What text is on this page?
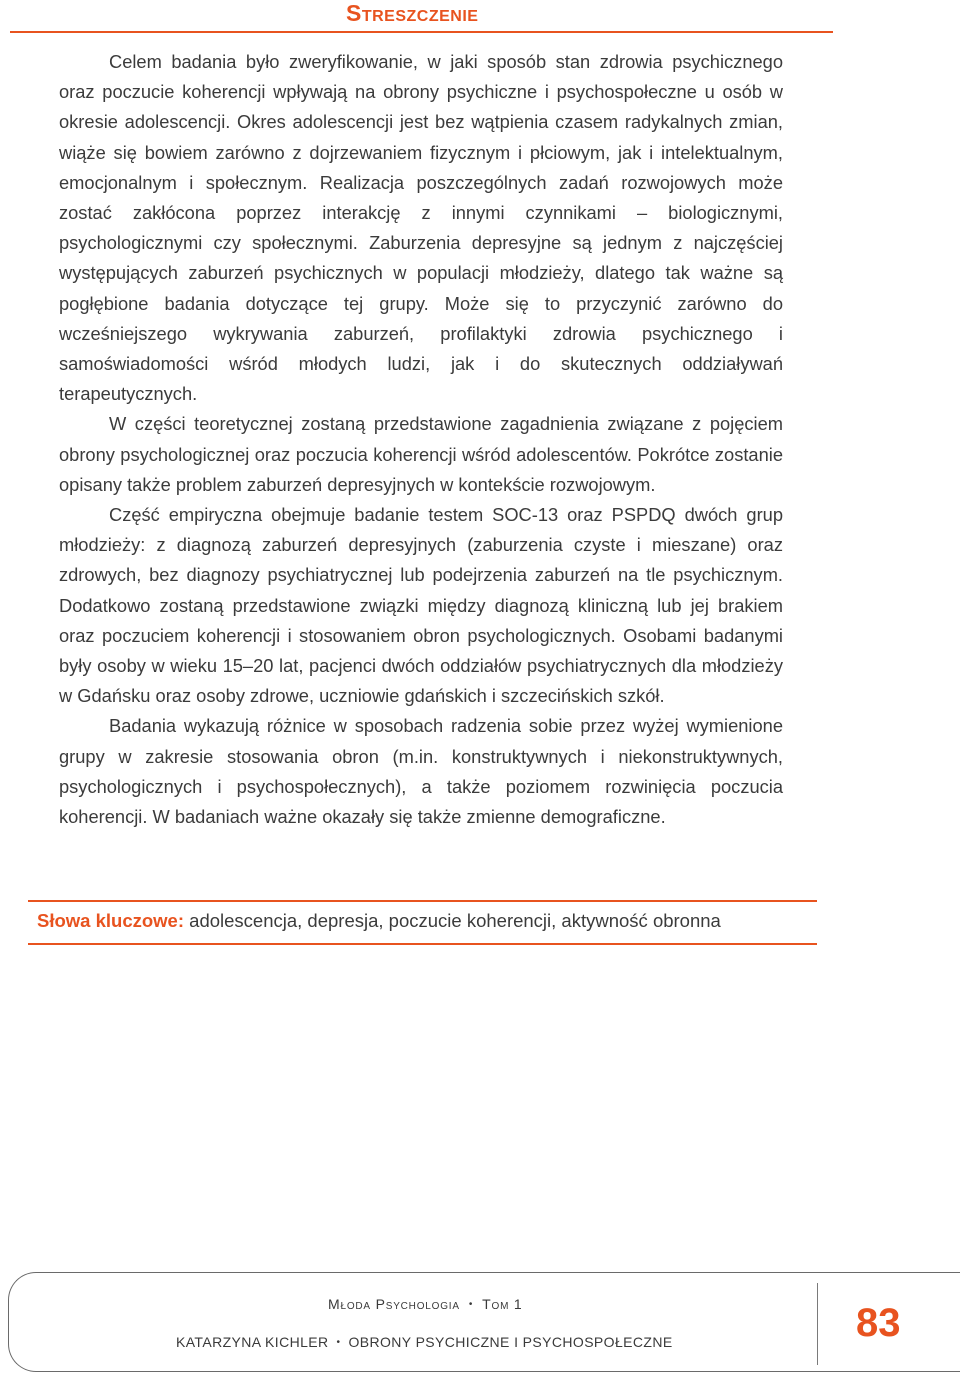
Streszczenie

Celem badania było zweryfikowanie, w jaki sposób stan zdrowia psychicznego oraz poczucie koherencji wpływają na obrony psychiczne i psychospołeczne u osób w okresie adolescencji. Okres adolescencji jest bez wątpienia czasem radykalnych zmian, wiąże się bowiem zarówno z dojrzewaniem fizycznym i płciowym, jak i intelektualnym, emocjonalnym i społecznym. Realizacja poszczególnych zadań rozwojowych może zostać zakłócona poprzez interakcję z innymi czynnikami – biologicznymi, psychologicznymi czy społecznymi. Zaburzenia depresyjne są jednym z najczęściej występujących zaburzeń psychicznych w populacji młodzieży, dlatego tak ważne są pogłębione badania dotyczące tej grupy. Może się to przyczynić zarówno do wcześniejszego wykrywania zaburzeń, profilaktyki zdrowia psychicznego i samoświadomości wśród młodych ludzi, jak i do skutecznych oddziaływań terapeutycznych.

W części teoretycznej zostaną przedstawione zagadnienia związane z pojęciem obrony psychologicznej oraz poczucia koherencji wśród adolescentów. Pokrótce zostanie opisany także problem zaburzeń depresyjnych w kontekście rozwojowym.

Część empiryczna obejmuje badanie testem SOC-13 oraz PSPDQ dwóch grup młodzieży: z diagnozą zaburzeń depresyjnych (zaburzenia czyste i mieszane) oraz zdrowych, bez diagnozy psychiatrycznej lub podejrzenia zaburzeń na tle psychicznym. Dodatkowo zostaną przedstawione związki między diagnozą kliniczną lub jej brakiem oraz poczuciem koherencji i stosowaniem obron psychologicznych. Osobami badanymi były osoby w wieku 15–20 lat, pacjenci dwóch oddziałów psychiatrycznych dla młodzieży w Gdańsku oraz osoby zdrowe, uczniowie gdańskich i szczecińskich szkół.

Badania wykazują różnice w sposobach radzenia sobie przez wyżej wymienione grupy w zakresie stosowania obron (m.in. konstruktywnych i niekonstruktywnych, psychologicznych i psychospołecznych), a także poziomem rozwinięcia poczucia koherencji. W badaniach ważne okazały się także zmienne demograficzne.

Słowa kluczowe: adolescencja, depresja, poczucie koherencji, aktywność obronna
Młoda Psychologia • Tom 1
KATARZYNA KICHLER • OBRONY PSYCHICZNE I PSYCHOSPOŁECZNE	83
